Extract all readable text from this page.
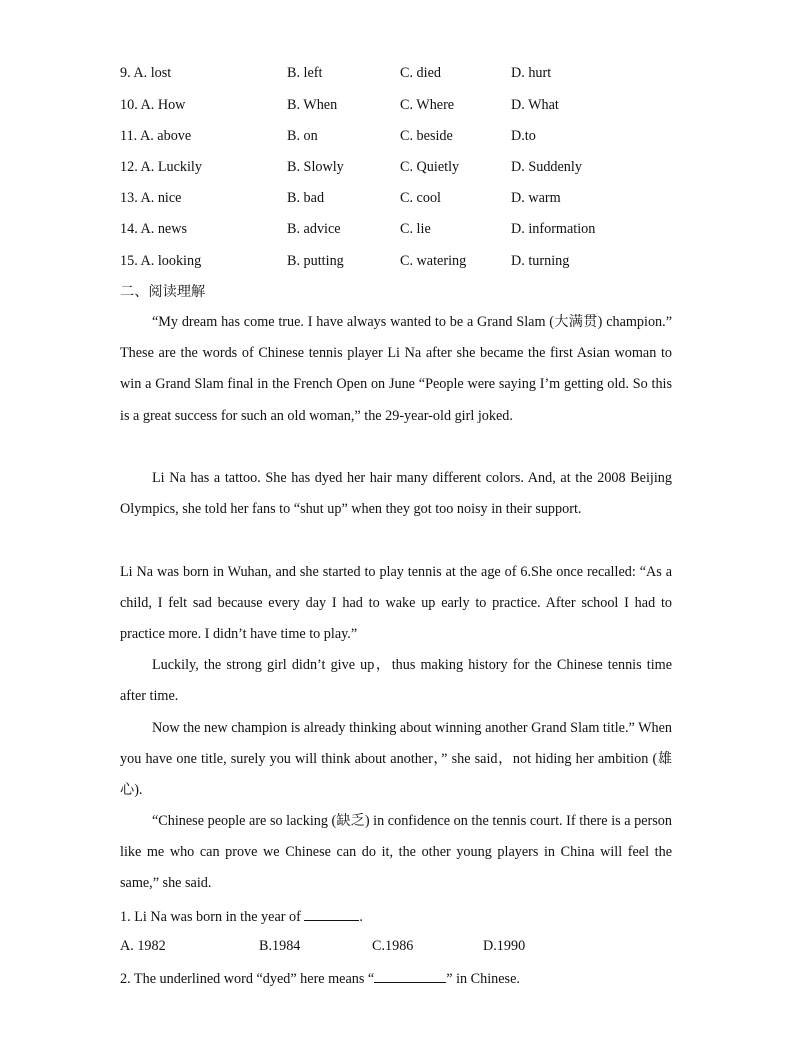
9. A. lost	B. left	C. died	D. hurt
10. A. How	B. When	C. Where	D. What
11. A. above	B. on	C. beside	D.to
12. A. Luckily	B. Slowly	C. Quietly	D. Suddenly
13. A. nice	B. bad	C. cool	D. warm
14. A. news	B. advice	C. lie	D. information
15. A. looking	B. putting	C. watering	D. turning
二、阅读理解

“My dream has come true. I have always wanted to be a Grand Slam (大满贯) champion.” These are the words of Chinese tennis player Li Na after she became the first Asian woman to win a Grand Slam final in the French Open on June “People were saying I’m getting old. So this is a great success for such an old woman,” the 29-year-old girl joked.

Li Na has a tattoo. She has dyed her hair many different colors. And, at the 2008 Beijing Olympics, she told her fans to “shut up” when they got too noisy in their support.

Li Na was born in Wuhan, and she started to play tennis at the age of 6.She once recalled: “As a child, I felt sad because every day I had to wake up early to practice. After school I had to practice more. I didn’t have time to play.”

Luckily, the strong girl didn’t give up，thus making history for the Chinese tennis time after time.

Now the new champion is already thinking about winning another Grand Slam title.” When you have one title, surely you will think about another，” she said，not hiding her ambition (雄心).

“Chinese people are so lacking (缺乏) in confidence on the tennis court. If there is a person like me who can prove we Chinese can do it, the other young players in China will feel the same,” she said.

1. Li Na was born in the year of	.
A. 1982	B.1984	C.1986	D.1990
2. The underlined word “dyed” here means “	” in Chinese.
